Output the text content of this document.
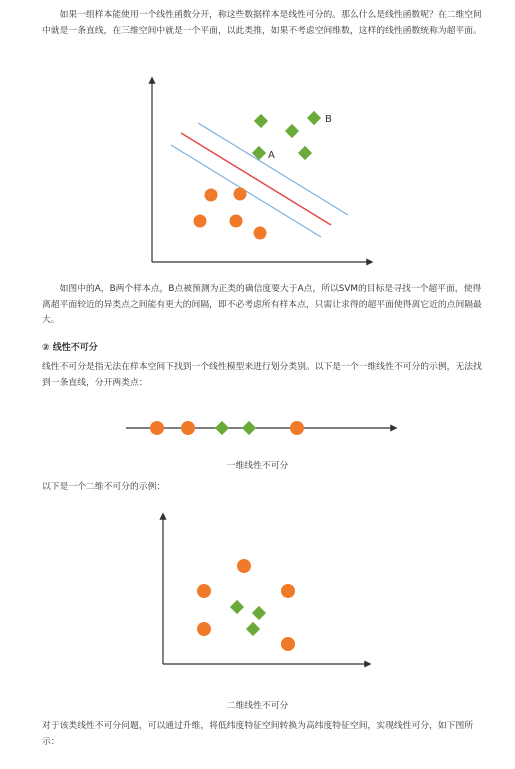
如果一组样本能使用一个线性函数分开，称这些数据样本是线性可分的。那么什么是线性函数呢？在二维空间中就是一条直线，在三维空间中就是一个平面，以此类推，如果不考虑空间维数，这样的线性函数统称为超平面。

B
A

如图中的A，B两个样本点，B点被预测为正类的确信度要大于A点，所以SVM的目标是寻找一个超平面，使得离超平面较近的异类点之间能有更大的间隔，即不必考虑所有样本点，只需让求得的超平面使得离它近的点间隔最大。

② 线性不可分

线性不可分是指无法在样本空间下找到一个线性模型来进行划分类别。以下是一个一维线性不可分的示例，无法找到一条直线，分开两类点：

一维线性不可分

以下是一个二维不可分的示例：

二维线性不可分

对于该类线性不可分问题，可以通过升维，将低纬度特征空间转换为高纬度特征空间，实现线性可分，如下图所示：
